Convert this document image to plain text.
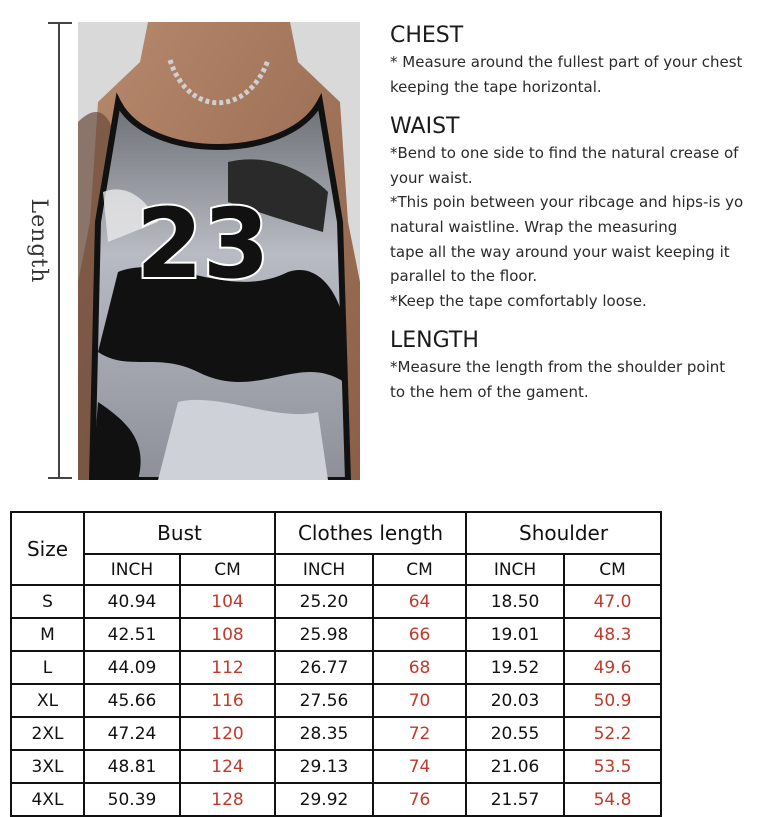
Length 23
CHEST
* Measure around the fullest part of your chest
keeping the tape horizontal.
WAIST
*Bend to one side to find the natural crease of
your waist.
*This poin between your ribcage and hips-is yo
natural waistline. Wrap the measuring
tape all the way around your waist keeping it
parallel to the floor.
*Keep the tape comfortably loose.
LENGTH
*Measure the length from the shoulder point
to the hem of the gament.
Size	Bust		Clothes length		Shoulder	
	INCH	CM	INCH	CM	INCH	CM
S	40.94	104	25.20	64	18.50	47.0
M	42.51	108	25.98	66	19.01	48.3
L	44.09	112	26.77	68	19.52	49.6
XL	45.66	116	27.56	70	20.03	50.9
2XL	47.24	120	28.35	72	20.55	52.2
3XL	48.81	124	29.13	74	21.06	53.5
4XL	50.39	128	29.92	76	21.57	54.8
